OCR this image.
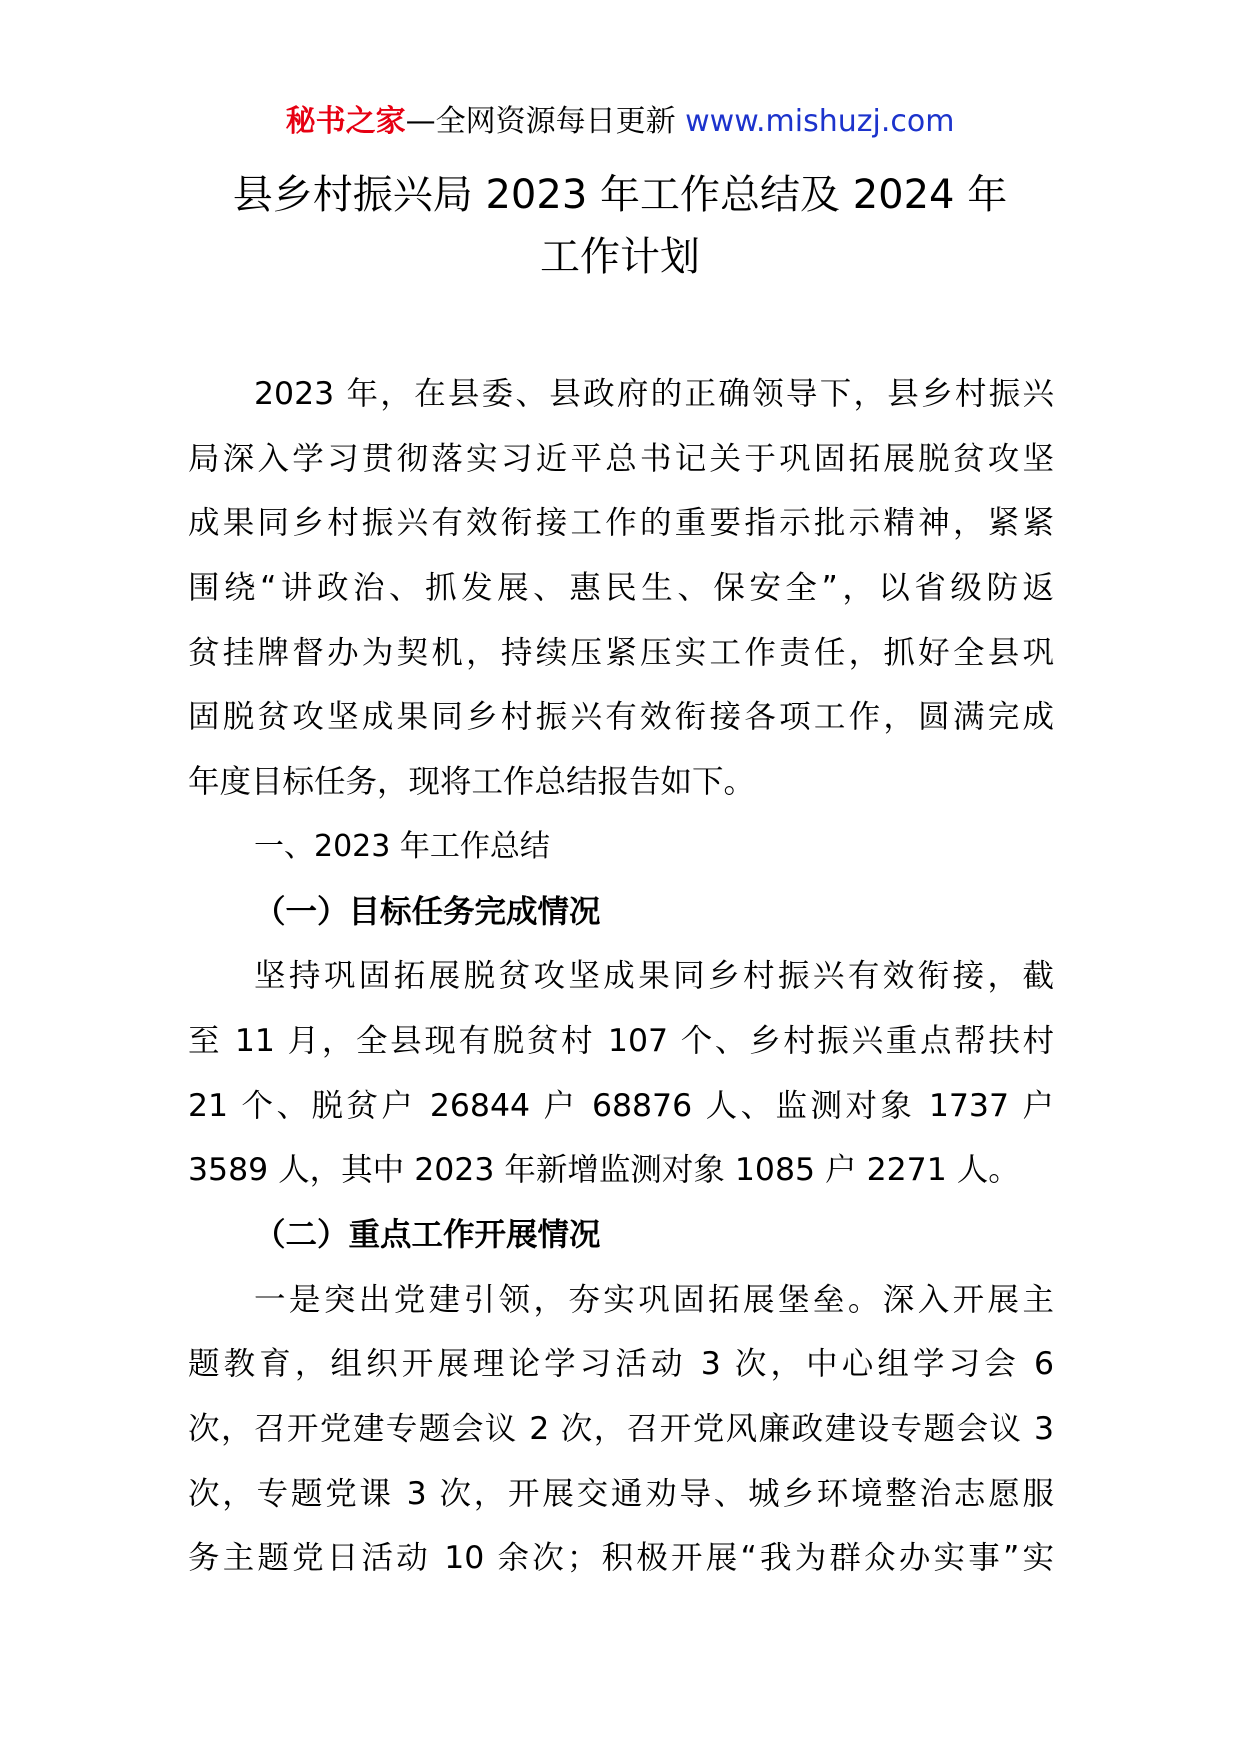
秘书之家—全网资源每日更新 www.mishuzj.com
县乡村振兴局 2023 年工作总结及 2024 年
工作计划
2023 年，在县委、县政府的正确领导下，县乡村振兴
局深入学习贯彻落实习近平总书记关于巩固拓展脱贫攻坚
成果同乡村振兴有效衔接工作的重要指示批示精神，紧紧
围绕“讲政治、抓发展、惠民生、保安全”，以省级防返
贫挂牌督办为契机，持续压紧压实工作责任，抓好全县巩
固脱贫攻坚成果同乡村振兴有效衔接各项工作，圆满完成
年度目标任务，现将工作总结报告如下。
一、2023 年工作总结
（一）目标任务完成情况
坚持巩固拓展脱贫攻坚成果同乡村振兴有效衔接，截
至 11 月，全县现有脱贫村 107 个、乡村振兴重点帮扶村
21 个、脱贫户 26844 户 68876 人、监测对象 1737 户
3589 人，其中 2023 年新增监测对象 1085 户 2271 人。
（二）重点工作开展情况
一是突出党建引领，夯实巩固拓展堡垒。深入开展主
题教育，组织开展理论学习活动 3 次，中心组学习会 6
次，召开党建专题会议 2 次，召开党风廉政建设专题会议 3
次，专题党课 3 次，开展交通劝导、城乡环境整治志愿服
务主题党日活动 10 余次；积极开展“我为群众办实事”实
